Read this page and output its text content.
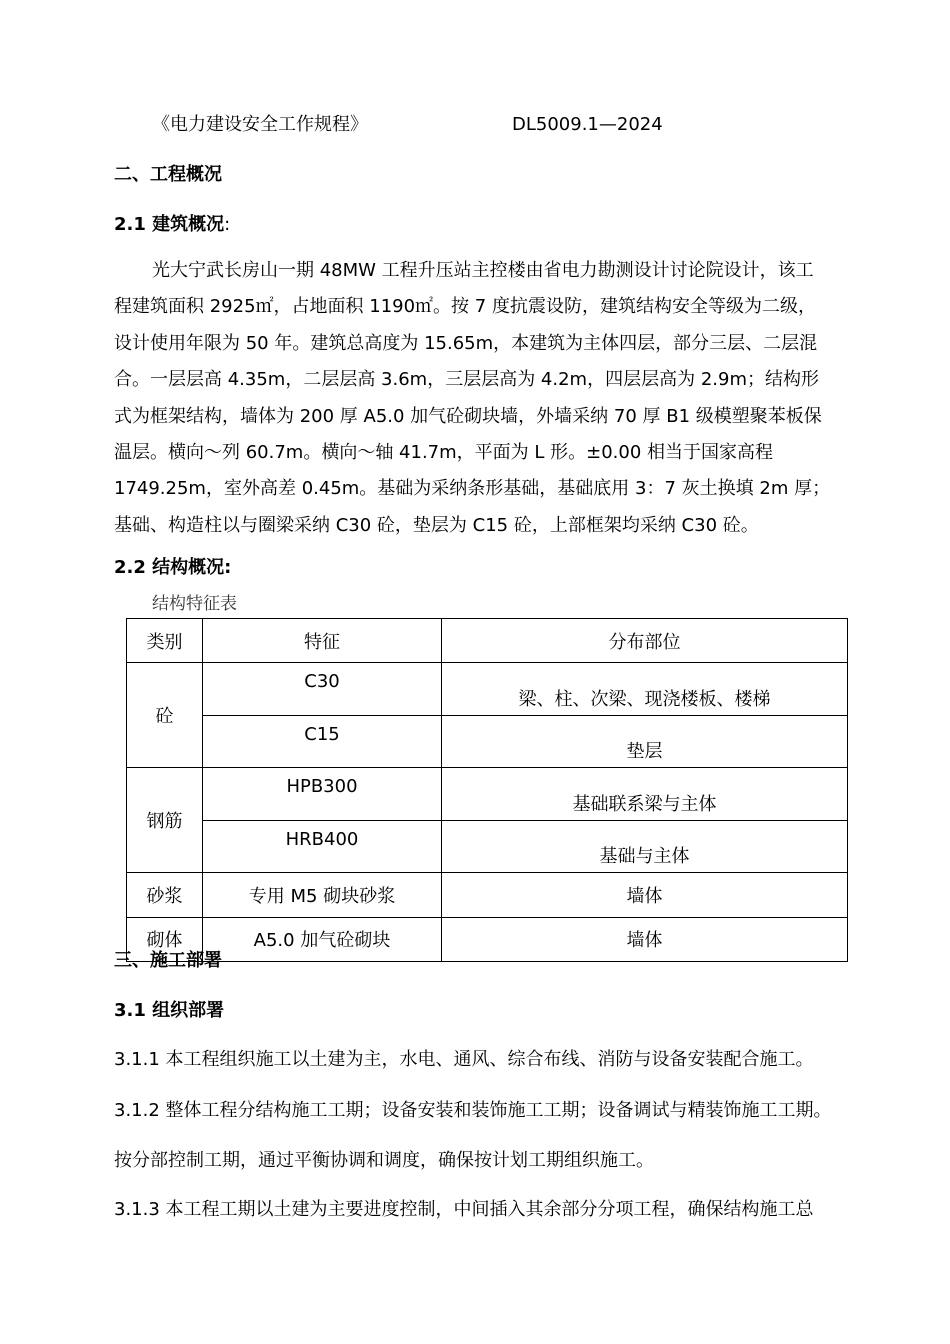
《电力建设安全工作规程》	DL5009.1—2024
二、工程概况
2.1 建筑概况:
光大宁武长房山一期 48MW 工程升压站主控楼由省电力勘测设计讨论院设计，该工
程建筑面积 2925㎡，占地面积 1190㎡。按 7 度抗震设防，建筑结构安全等级为二级，
设计使用年限为 50 年。建筑总高度为 15.65m，本建筑为主体四层，部分三层、二层混
合。一层层高 4.35m，二层层高 3.6m，三层层高为 4.2m，四层层高为 2.9m；结构形
式为框架结构，墙体为 200 厚 A5.0 加气砼砌块墙，外墙采纳 70 厚 B1 级模塑聚苯板保
温层。横向～列 60.7m。横向～轴 41.7m，平面为 L 形。±0.00 相当于国家高程
1749.25m，室外高差 0.45m。基础为采纳条形基础，基础底用 3：7 灰土换填 2m 厚；
基础、构造柱以与圈梁采纳 C30 砼，垫层为 C15 砼，上部框架均采纳 C30 砼。
2.2 结构概况:
结构特征表
类别	特征	分布部位
砼	C30	梁、柱、次梁、现浇楼板、楼梯
	C15	垫层
钢筋	HPB300	基础联系梁与主体
	HRB400	基础与主体
砂浆	专用 M5 砌块砂浆	墙体
砌体	A5.0 加气砼砌块	墙体
三、施工部署
3.1 组织部署
3.1.1 本工程组织施工以土建为主，水电、通风、综合布线、消防与设备安装配合施工。
3.1.2 整体工程分结构施工工期；设备安装和装饰施工工期；设备调试与精装饰施工工期。
按分部控制工期，通过平衡协调和调度，确保按计划工期组织施工。
3.1.3 本工程工期以土建为主要进度控制，中间插入其余部分分项工程，确保结构施工总
